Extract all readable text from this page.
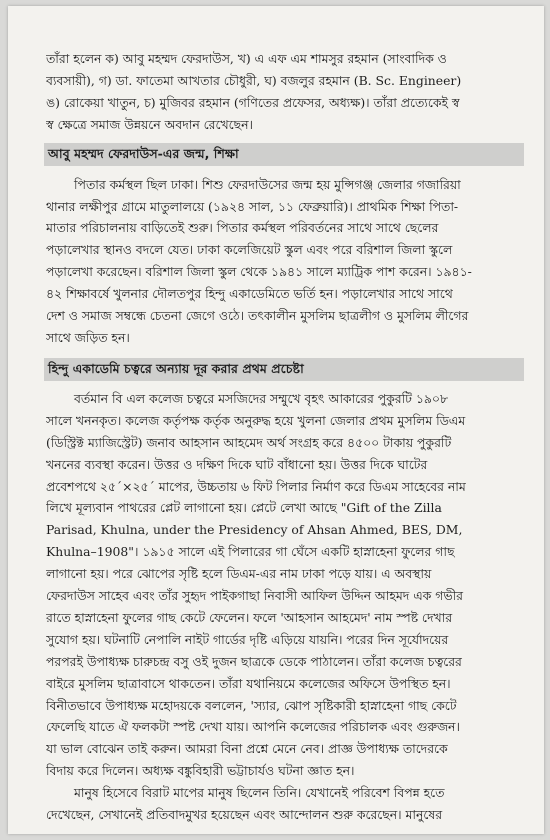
তাঁরা হলেন ক) আবু মহম্মদ ফেরদাউস, খ) এ এফ এম শামসুর রহমান (সাংবাদিক ও
ব্যবসায়ী), গ) ডা. ফাতেমা আখতার চৌধুরী, ঘ) বজলুর রহমান (B. Sc. Engineer)
ঙ) রোকেয়া খাতুন, চ) মুজিবর রহমান (গণিতের প্রফেসর, অধ্যক্ষ)। তাঁরা প্রত্যেকেই স্ব
স্ব ক্ষেত্রে সমাজ উন্নয়নে অবদান রেখেছেন।
আবু মহম্মদ ফেরদাউস-এর জন্ম, শিক্ষা
পিতার কর্মস্থল ছিল ঢাকা। শিশু ফেরদাউসের জন্ম হয় মুন্সিগঞ্জ জেলার গজারিয়া
থানার লক্ষীপুর গ্রামে মাতুলালয়ে (১৯২৪ সাল, ১১ ফেব্রুয়ারি)। প্রাথমিক শিক্ষা পিতা-
মাতার পরিচালনায় বাড়িতেই শুরু। পিতার কর্মস্থল পরিবর্তনের সাথে সাথে ছেলের
পড়ালেখার স্থানও বদলে যেত। ঢাকা কলেজিয়েট স্কুল এবং পরে বরিশাল জিলা স্কুলে
পড়ালেখা করেছেন। বরিশাল জিলা স্কুল থেকে ১৯৪১ সালে ম্যাট্রিক পাশ করেন। ১৯৪১-
৪২ শিক্ষাবর্ষে খুলনার দৌলতপুর হিন্দু একাডেমিতে ভর্তি হন। পড়ালেখার সাথে সাথে
দেশ ও সমাজ সম্বন্ধে চেতনা জেগে ওঠে। তৎকালীন মুসলিম ছাত্রলীগ ও মুসলিম লীগের
সাথে জড়িত হন।
হিন্দু একাডেমি চত্বরে অন্যায় দূর করার প্রথম প্রচেষ্টা
বর্তমান বি এল কলেজ চত্বরে মসজিদের সম্মুখে বৃহৎ আকারের পুকুরটি ১৯০৮
সালে খননকৃত। কলেজ কর্তৃপক্ষ কর্তৃক অনুরুদ্ধ হয়ে খুলনা জেলার প্রথম মুসলিম ডিএম
(ডিস্ট্রিক্ট ম্যাজিস্ট্রেট) জনাব আহসান আহমেদ অর্থ সংগ্রহ করে ৪৫০০ টাকায় পুকুরটি
খননের ব্যবস্থা করেন। উত্তর ও দক্ষিণ দিকে ঘাট বাঁধানো হয়। উত্তর দিকে ঘাটের
প্রবেশপথে ২৫´×২৫´ মাপের, উচ্চতায় ৬ ফিট পিলার নির্মাণ করে ডিএম সাহেবের নাম
লিখে মূল্যবান পাথরের প্লেট লাগানো হয়। প্লেটে লেখা আছে "Gift of the Zilla
Parisad, Khulna, under the Presidency of Ahsan Ahmed, BES, DM,
Khulna–1908"। ১৯১৫ সালে এই পিলারের গা ঘেঁসে একটি হাস্নাহেনা ফুলের গাছ
লাগানো হয়। পরে ঝোপের সৃষ্টি হলে ডিএম-এর নাম ঢাকা পড়ে যায়। এ অবস্থায়
ফেরদাউস সাহেব এবং তাঁর সুহৃদ পাইকগাছা নিবাসী আফিল উদ্দিন আহমদ এক গভীর
রাতে হাস্নাহেনা ফুলের গাছ কেটে ফেলেন। ফলে 'আহসান আহমেদ' নাম স্পষ্ট দেখার
সুযোগ হয়। ঘটনাটি নেপালি নাইট গার্ডের দৃষ্টি এড়িয়ে যায়নি। পরের দিন সূর্যোদয়ের
পরপরই উপাধ্যক্ষ চারুচন্দ্র বসু ওই দুজন ছাত্রকে ডেকে পাঠালেন। তাঁরা কলেজ চত্বরের
বাইরে মুসলিম ছাত্রাবাসে থাকতেন। তাঁরা যথানিয়মে কলেজের অফিসে উপস্থিত হন।
বিনীতভাবে উপাধ্যক্ষ মহোদয়কে বললেন, 'স্যার, ঝোপ সৃষ্টিকারী হাস্নাহেনা গাছ কেটে
ফেলেছি যাতে ঐ ফলকটা স্পষ্ট দেখা যায়। আপনি কলেজের পরিচালক এবং গুরুজন।
যা ভাল বোঝেন তাই করুন। আমরা বিনা প্রশ্নে মেনে নেব। প্রাজ্ঞ উপাধ্যক্ষ তাদেরকে
বিদায় করে দিলেন। অধ্যক্ষ বঙ্কুবিহারী ভট্টাচার্যও ঘটনা জ্ঞাত হন।
মানুষ হিসেবে বিরাট মাপের মানুষ ছিলেন তিনি। যেখানেই পরিবেশ বিপন্ন হতে
দেখেছেন, সেখানেই প্রতিবাদমুখর হয়েছেন এবং আন্দোলন শুরু করেছেন। মানুষের
